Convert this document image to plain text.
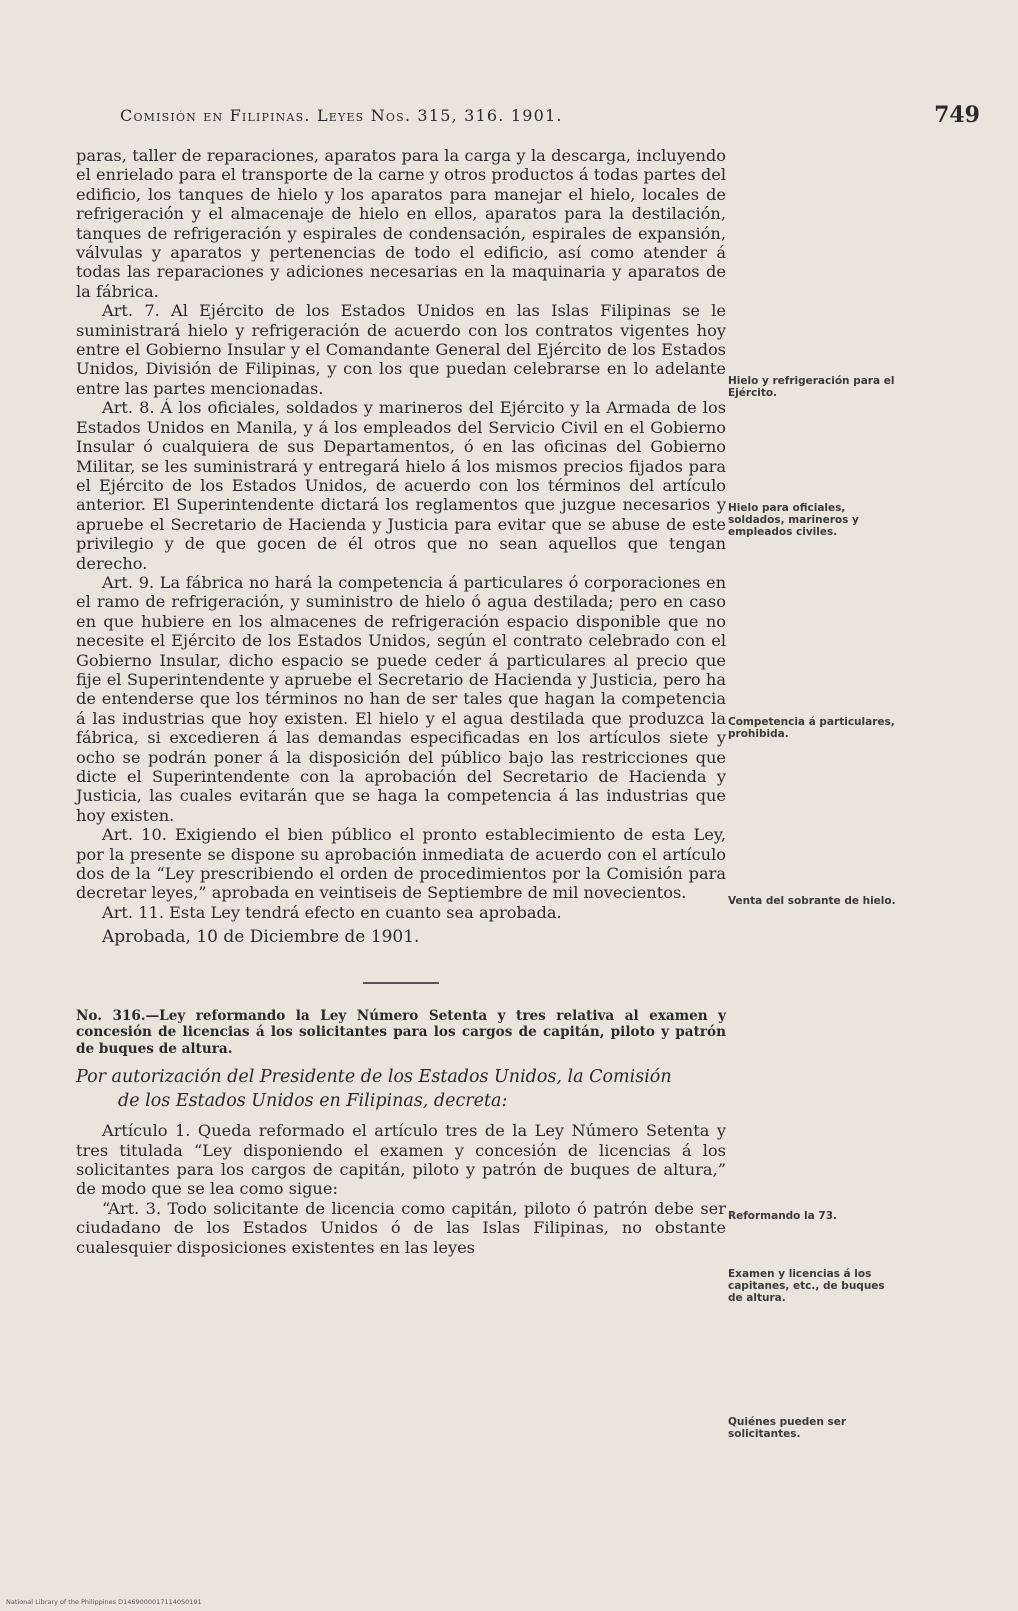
Comisión en Filipinas. Leyes Nos. 315, 316. 1901.	749

paras, taller de reparaciones, aparatos para la carga y la descarga, incluyendo el enrielado para el transporte de la carne y otros productos á todas partes del edificio, los tanques de hielo y los aparatos para manejar el hielo, locales de refrigeración y el almacenaje de hielo en ellos, aparatos para la destilación, tanques de refrigeración y espirales de condensación, espirales de expansión, válvulas y aparatos y pertenencias de todo el edificio, así como atender á todas las reparaciones y adiciones necesarias en la maquinaria y aparatos de la fábrica.

Art. 7. Al Ejército de los Estados Unidos en las Islas Filipinas se le suministrará hielo y refrigeración de acuerdo con los contratos vigentes hoy entre el Gobierno Insular y el Comandante General del Ejército de los Estados Unidos, División de Filipinas, y con los que puedan celebrarse en lo adelante entre las partes mencionadas.

Art. 8. Á los oficiales, soldados y marineros del Ejército y la Armada de los Estados Unidos en Manila, y á los empleados del Servicio Civil en el Gobierno Insular ó cualquiera de sus Departamentos, ó en las oficinas del Gobierno Militar, se les suministrará y entregará hielo á los mismos precios fijados para el Ejército de los Estados Unidos, de acuerdo con los términos del artículo anterior. El Superintendente dictará los reglamentos que juzgue necesarios y apruebe el Secretario de Hacienda y Justicia para evitar que se abuse de este privilegio y de que gocen de él otros que no sean aquellos que tengan derecho.

Art. 9. La fábrica no hará la competencia á particulares ó corporaciones en el ramo de refrigeración, y suministro de hielo ó agua destilada; pero en caso en que hubiere en los almacenes de refrigeración espacio disponible que no necesite el Ejército de los Estados Unidos, según el contrato celebrado con el Gobierno Insular, dicho espacio se puede ceder á particulares al precio que fije el Superintendente y apruebe el Secretario de Hacienda y Justicia, pero ha de entenderse que los términos no han de ser tales que hagan la competencia á las industrias que hoy existen. El hielo y el agua destilada que produzca la fábrica, si excedieren á las demandas especificadas en los artículos siete y ocho se podrán poner á la disposición del público bajo las restricciones que dicte el Superintendente con la aprobación del Secretario de Hacienda y Justicia, las cuales evitarán que se haga la competencia á las industrias que hoy existen.

Art. 10. Exigiendo el bien público el pronto establecimiento de esta Ley, por la presente se dispone su aprobación inmediata de acuerdo con el artículo dos de la “Ley prescribiendo el orden de procedimientos por la Comisión para decretar leyes,” aprobada en veintiseis de Septiembre de mil novecientos.

Art. 11. Esta Ley tendrá efecto en cuanto sea aprobada.

Aprobada, 10 de Diciembre de 1901.

No. 316.—Ley reformando la Ley Número Setenta y tres relativa al examen y concesión de licencias á los solicitantes para los cargos de capitán, piloto y patrón de buques de altura.

Por autorización del Presidente de los Estados Unidos, la Comisión
de los Estados Unidos en Filipinas, decreta:

Artículo 1. Queda reformado el artículo tres de la Ley Número Setenta y tres titulada “Ley disponiendo el examen y concesión de licencias á los solicitantes para los cargos de capitán, piloto y patrón de buques de altura,” de modo que se lea como sigue:

“Art. 3. Todo solicitante de licencia como capitán, piloto ó patrón debe ser ciudadano de los Estados Unidos ó de las Islas Filipinas, no obstante cualesquier disposiciones existentes en las leyes

Hielo y refrigeración para el Ejército.
Hielo para oficiales, soldados, marineros y empleados civiles.
Competencia á particulares, prohibida.
Venta del sobrante de hielo.
Reformando la 73.
Examen y licencias á los capitanes, etc., de buques de altura.
Quiénes pueden ser solicitantes.
National Library of the Philippines D14690000171140S0191
